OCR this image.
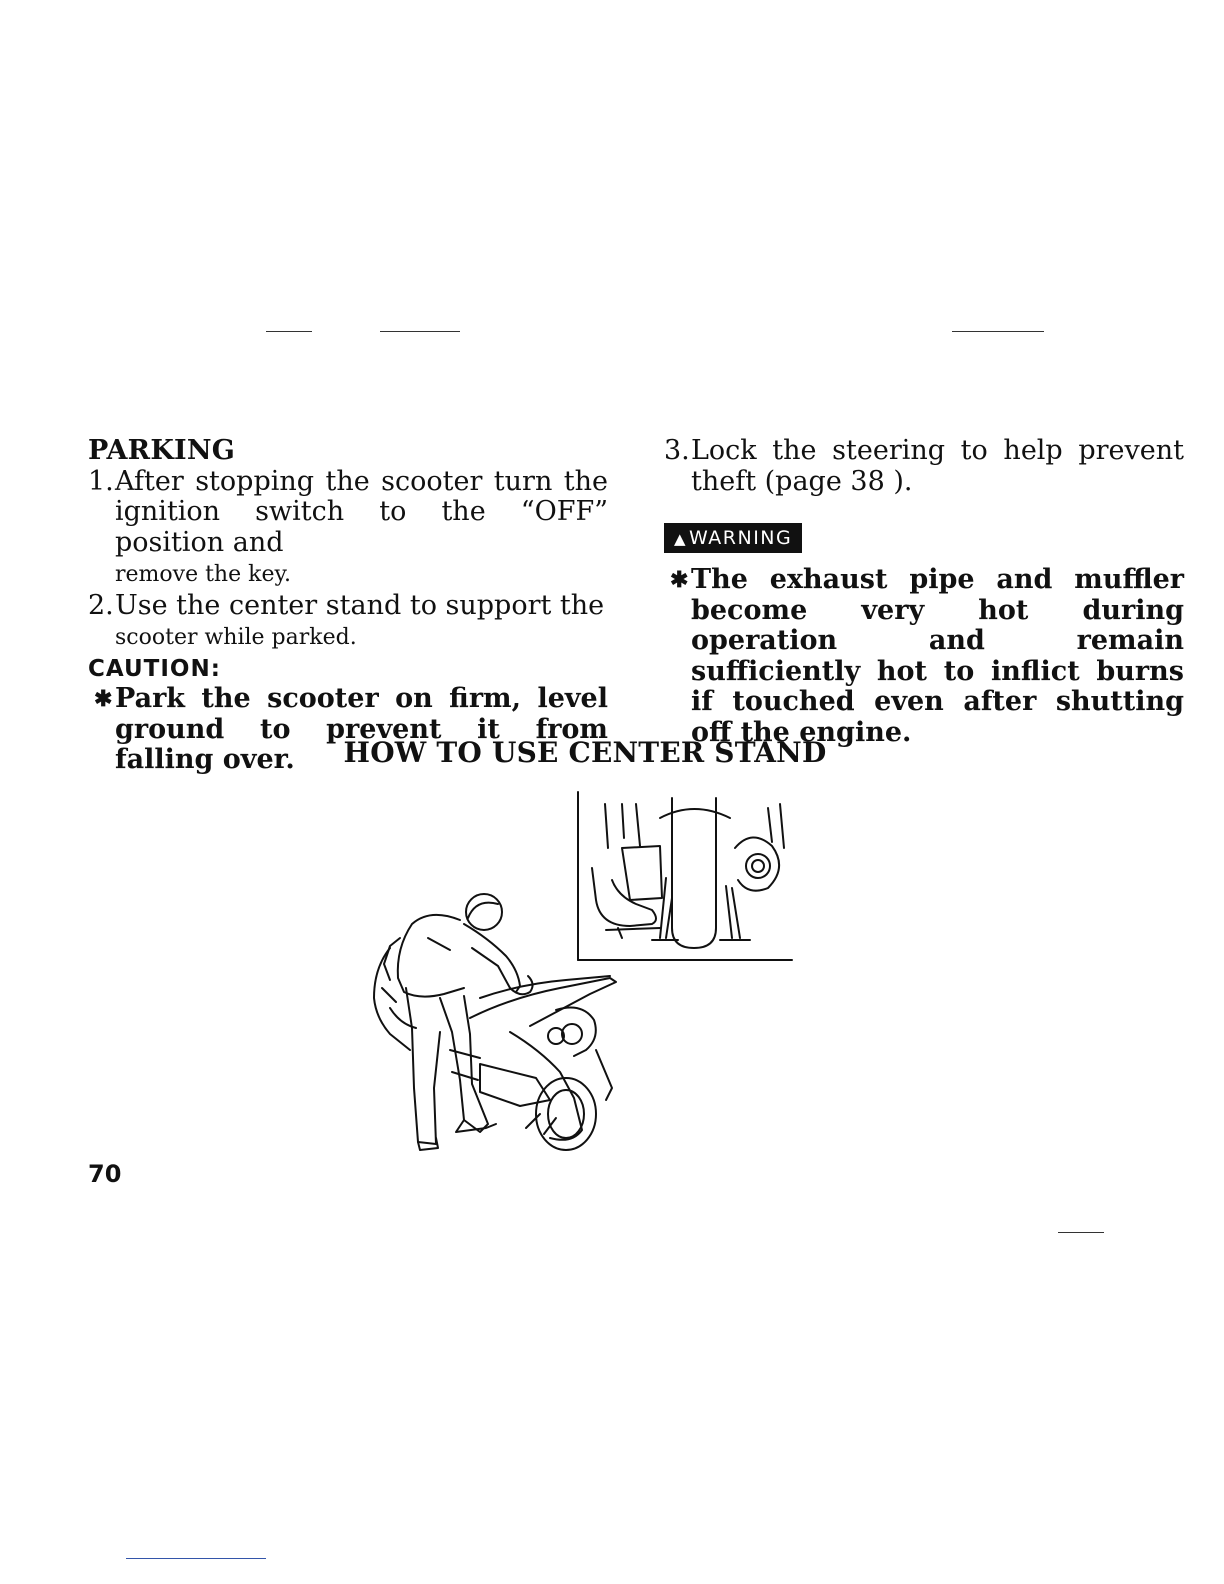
PARKING

1. After stopping the scooter turn the ignition switch to the “OFF” position and
remove the key.
2. Use the center stand to support the
scooter while parked.

CAUTION:

✱ Park the scooter on firm, level ground to prevent it from falling over.
3. Lock the steering to help prevent theft (page 38 ).
▲ WARNING
✱ The exhaust pipe and muffler become very hot during operation and remain sufficiently hot to inflict burns if touched even after shutting off the engine.
HOW TO USE CENTER STAND
70
